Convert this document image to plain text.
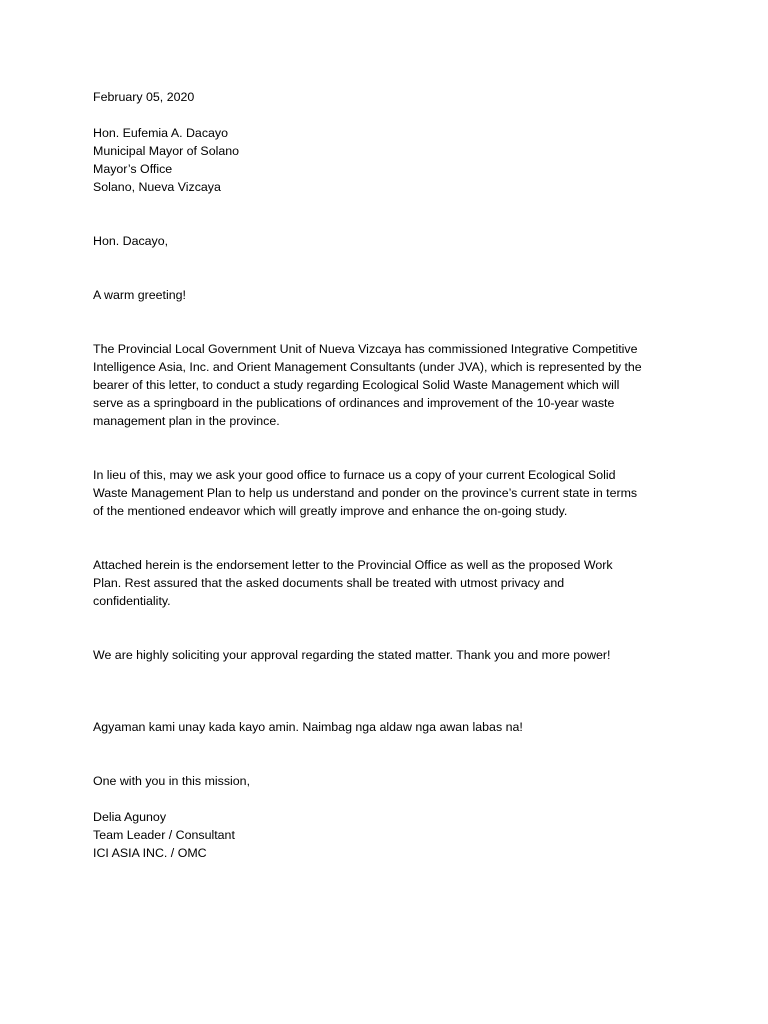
February 05, 2020
Hon. Eufemia A. Dacayo
Municipal Mayor of Solano
Mayor’s Office
Solano, Nueva Vizcaya
Hon. Dacayo,
A warm greeting!
The Provincial Local Government Unit of Nueva Vizcaya has commissioned Integrative Competitive
Intelligence Asia, Inc. and Orient Management Consultants (under JVA), which is represented by the
bearer of this letter, to conduct a study regarding Ecological Solid Waste Management which will
serve as a springboard in the publications of ordinances and improvement of the 10-year waste
management plan in the province.
In lieu of this, may we ask your good office to furnace us a copy of your current Ecological Solid
Waste Management Plan to help us understand and ponder on the province’s current state in terms
of the mentioned endeavor which will greatly improve and enhance the on-going study.
Attached herein is the endorsement letter to the Provincial Office as well as the proposed Work
Plan. Rest assured that the asked documents shall be treated with utmost privacy and
confidentiality.
We are highly soliciting your approval regarding the stated matter. Thank you and more power!
Agyaman kami unay kada kayo amin. Naimbag nga aldaw nga awan labas na!
One with you in this mission,
Delia Agunoy
Team Leader / Consultant
ICI ASIA INC. / OMC
